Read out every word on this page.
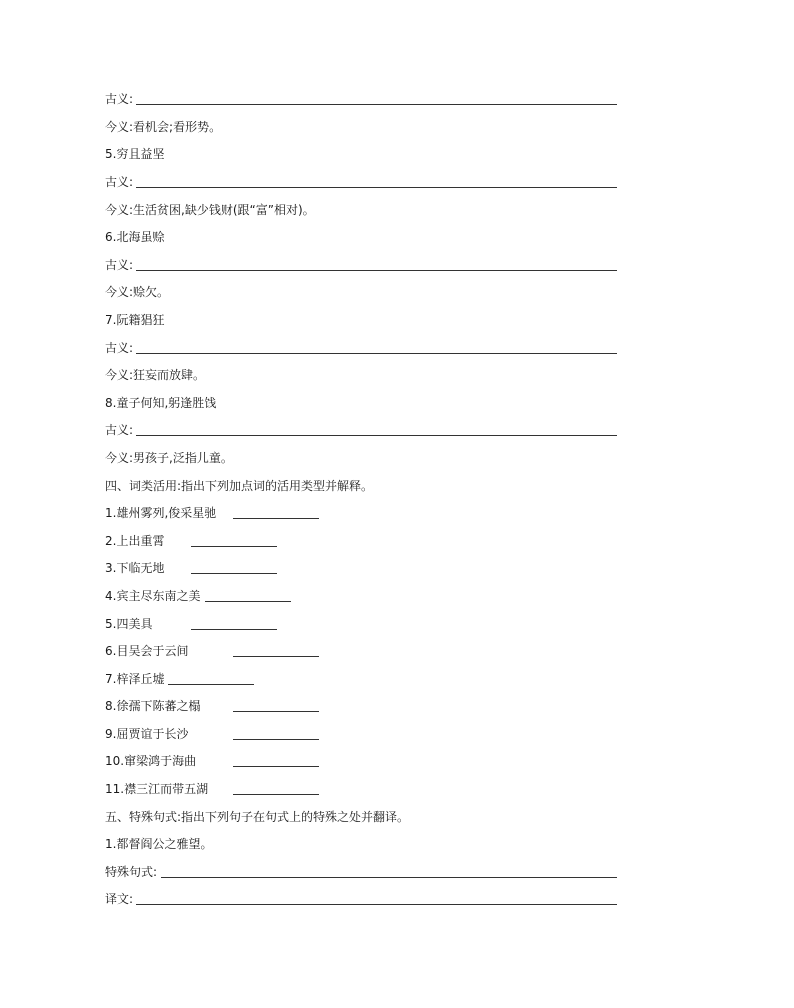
古义:
今义:看机会;看形势。
5.穷且益坚
古义:
今义:生活贫困,缺少钱财(跟“富”相对)。
6.北海虽赊
古义:
今义:赊欠。
7.阮籍猖狂
古义:
今义:狂妄而放肆。
8.童子何知,躬逢胜饯
古义:
今义:男孩子,泛指儿童。
四、词类活用:指出下列加点词的活用类型并解释。
1.雄州雾列,俊采星驰
2.上出重霄
3.下临无地
4.宾主尽东南之美
5.四美具
6.目吴会于云间
7.梓泽丘墟
8.徐孺下陈蕃之榻
9.屈贾谊于长沙
10.窜梁鸿于海曲
11.襟三江而带五湖
五、特殊句式:指出下列句子在句式上的特殊之处并翻译。
1.都督阎公之雅望。
特殊句式:
译文:
